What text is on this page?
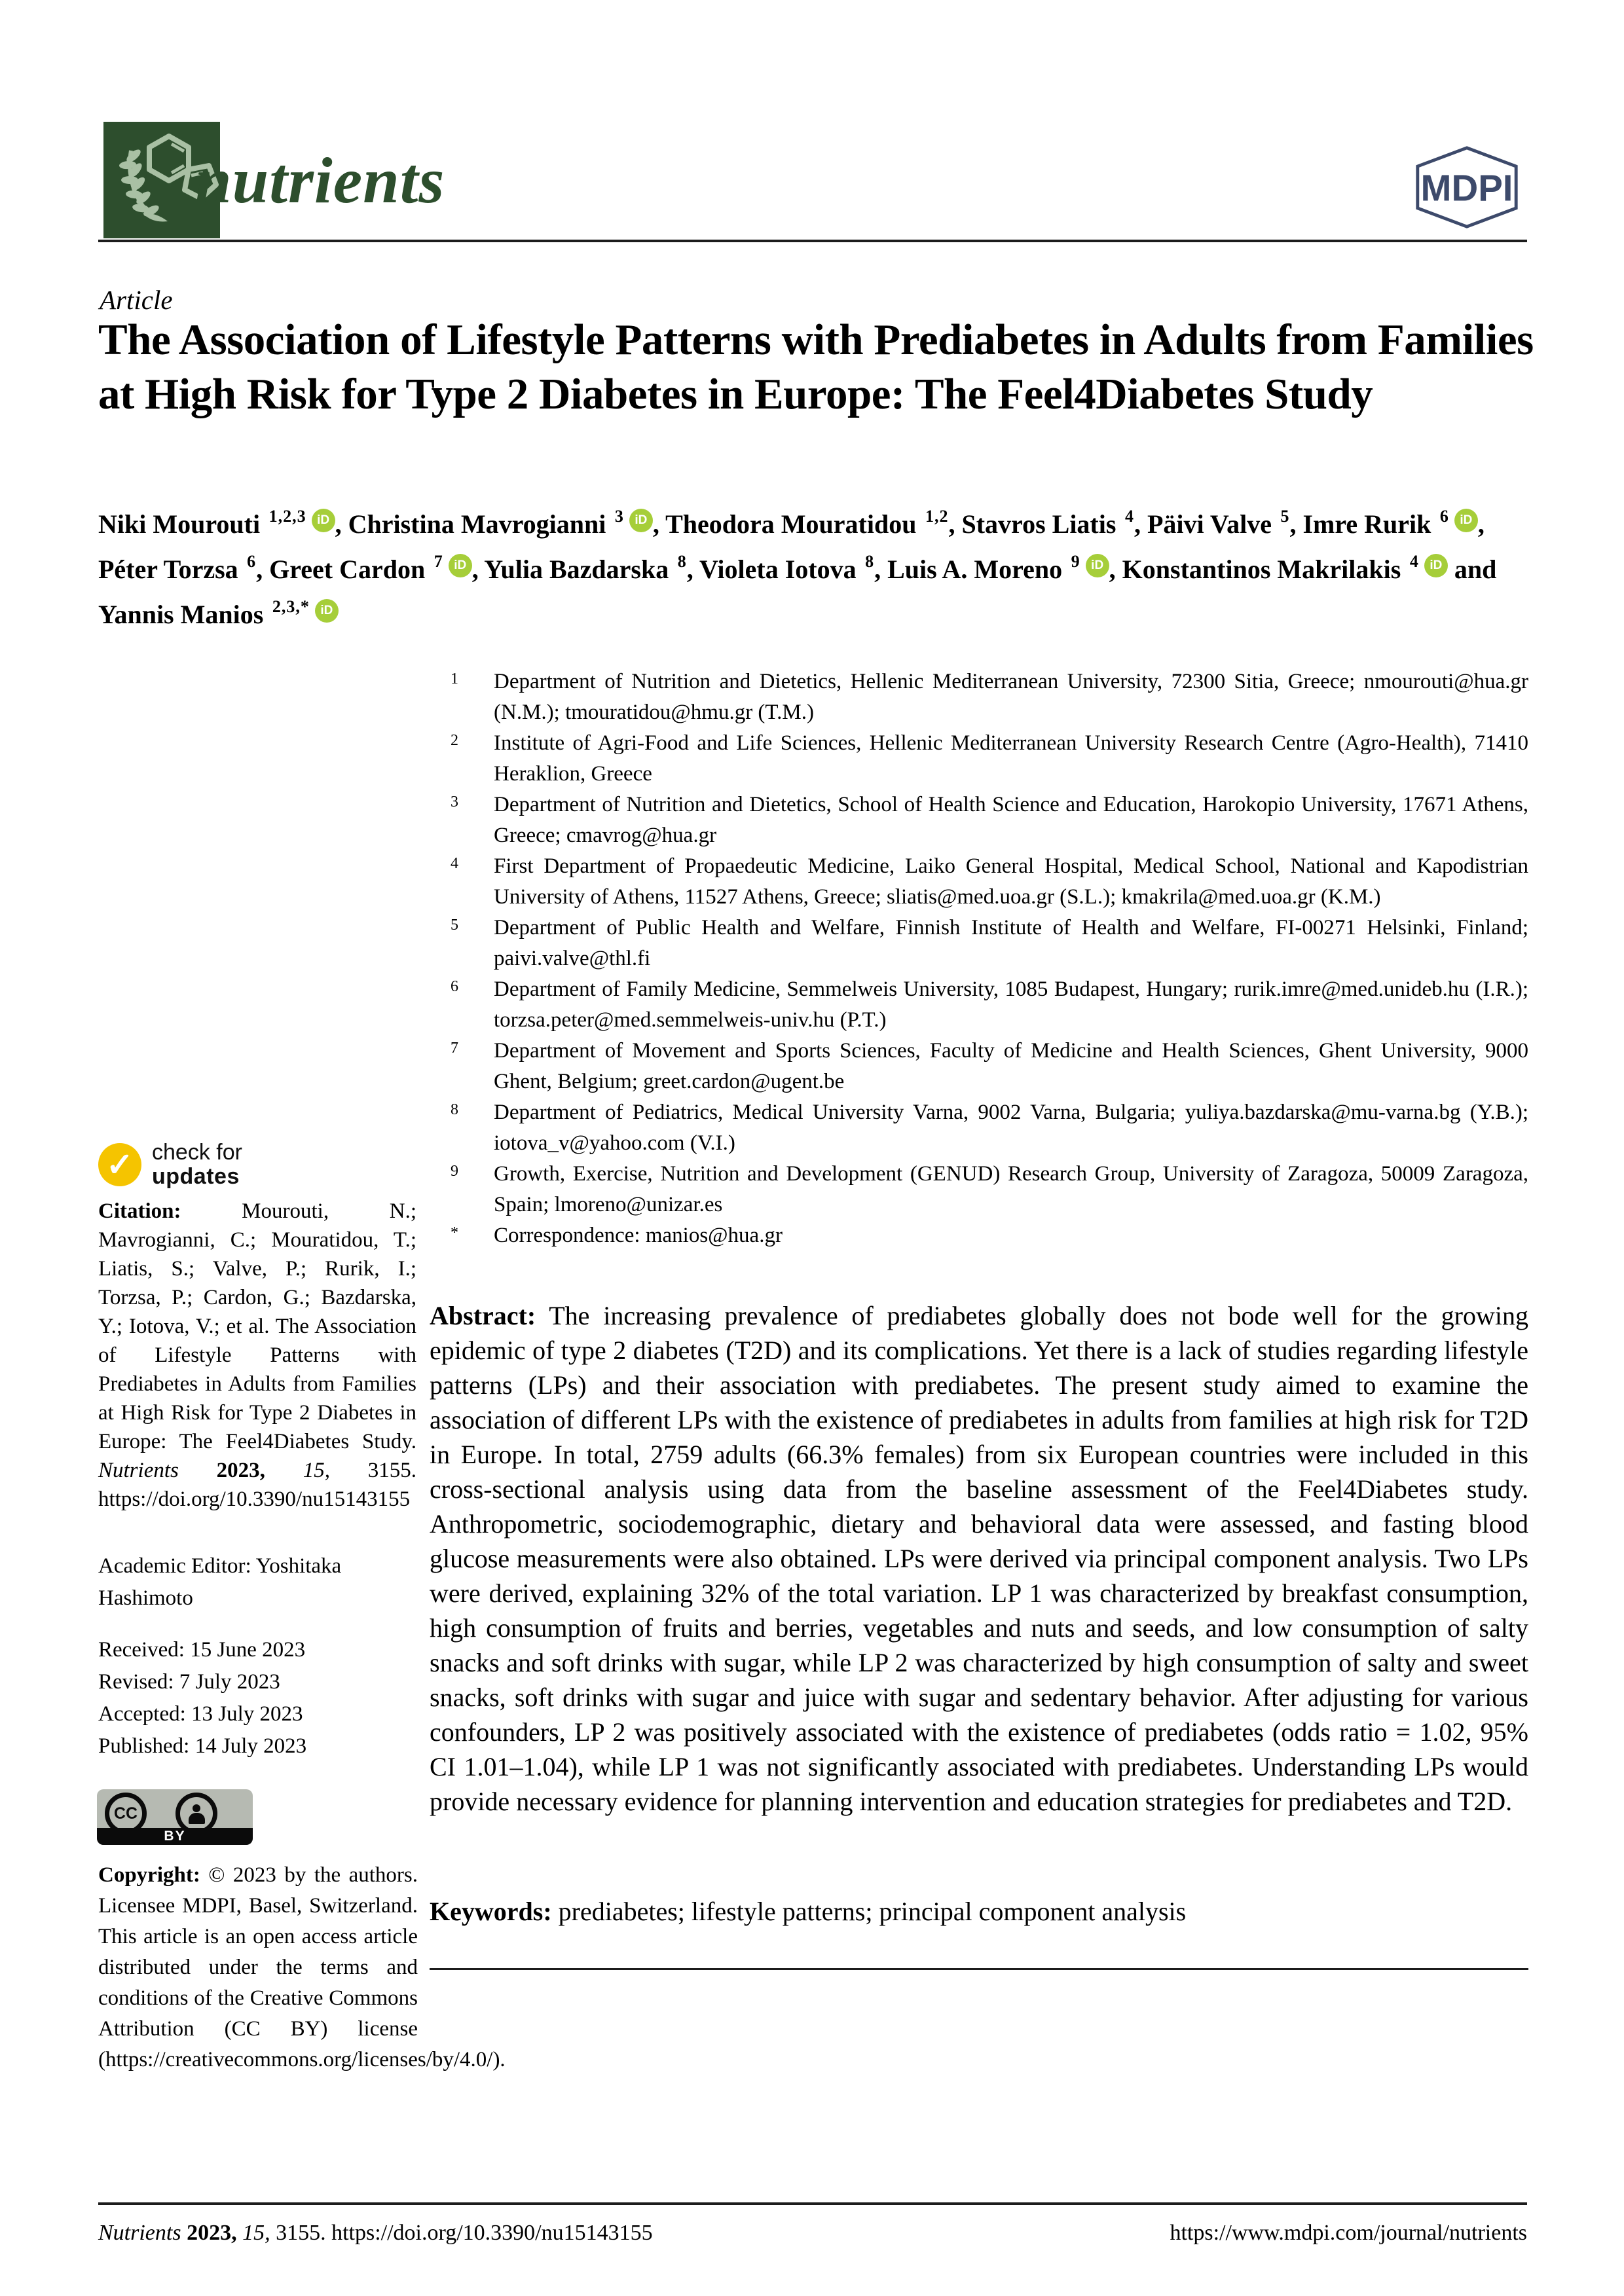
nutrients	MDPI
Article
The Association of Lifestyle Patterns with Prediabetes in Adults from Families at High Risk for Type 2 Diabetes in Europe: The Feel4Diabetes Study
Niki Mourouti $^{1,2,3}$ iD , Christina Mavrogianni $^3$ iD , Theodora Mouratidou $^{1,2}$, Stavros Liatis $^4$, Päivi Valve $^5$, Imre Rurik $^6$ iD , Péter Torzsa $^6$, Greet Cardon $^7$ iD , Yulia Bazdarska $^8$, Violeta Iotova $^8$, Luis A. Moreno $^9$ iD , Konstantinos Makrilakis $^4$ iD and Yannis Manios $^{2,3,*}$ iD
1 Department of Nutrition and Dietetics, Hellenic Mediterranean University, 72300 Sitia, Greece; nmourouti@hua.gr (N.M.); tmouratidou@hmu.gr (T.M.)
2 Institute of Agri-Food and Life Sciences, Hellenic Mediterranean University Research Centre (Agro-Health), 71410 Heraklion, Greece
3 Department of Nutrition and Dietetics, School of Health Science and Education, Harokopio University, 17671 Athens, Greece; cmavrog@hua.gr
4 First Department of Propaedeutic Medicine, Laiko General Hospital, Medical School, National and Kapodistrian University of Athens, 11527 Athens, Greece; sliatis@med.uoa.gr (S.L.); kmakrila@med.uoa.gr (K.M.)
5 Department of Public Health and Welfare, Finnish Institute of Health and Welfare, FI-00271 Helsinki, Finland; paivi.valve@thl.fi
6 Department of Family Medicine, Semmelweis University, 1085 Budapest, Hungary; rurik.imre@med.unideb.hu (I.R.); torzsa.peter@med.semmelweis-univ.hu (P.T.)
7 Department of Movement and Sports Sciences, Faculty of Medicine and Health Sciences, Ghent University, 9000 Ghent, Belgium; greet.cardon@ugent.be
8 Department of Pediatrics, Medical University Varna, 9002 Varna, Bulgaria; yuliya.bazdarska@mu-varna.bg (Y.B.); iotova_v@yahoo.com (V.I.)
9 Growth, Exercise, Nutrition and Development (GENUD) Research Group, University of Zaragoza, 50009 Zaragoza, Spain; lmoreno@unizar.es
* Correspondence: manios@hua.gr
✓ check for
updates

Citation:	Mourouti, N.; Mavrogianni, C.; Mouratidou, T.; Liatis, S.; Valve, P.; Rurik, I.; Torzsa, P.; Cardon, G.; Bazdarska, Y.; Iotova, V.; et al. The Association of Lifestyle Patterns with Prediabetes in Adults from Families at High Risk for Type 2 Diabetes in Europe: The Feel4Diabetes Study. Nutrients 2023, 15, 3155. https://doi.org/10.3390/nu15143155

Academic Editor: Yoshitaka Hashimoto

Received: 15 June 2023
Revised: 7 July 2023
Accepted: 13 July 2023
Published: 14 July 2023
CC
BY

Copyright: © 2023 by the authors. Licensee MDPI, Basel, Switzerland. This article is an open access article distributed under the terms and conditions of the Creative Commons Attribution (CC BY) license (https://creativecommons.org/licenses/by/4.0/).

Abstract: The increasing prevalence of prediabetes globally does not bode well for the growing epidemic of type 2 diabetes (T2D) and its complications. Yet there is a lack of studies regarding lifestyle patterns (LPs) and their association with prediabetes. The present study aimed to examine the association of different LPs with the existence of prediabetes in adults from families at high risk for T2D in Europe. In total, 2759 adults (66.3% females) from six European countries were included in this cross-sectional analysis using data from the baseline assessment of the Feel4Diabetes study. Anthropometric, sociodemographic, dietary and behavioral data were assessed, and fasting blood glucose measurements were also obtained. LPs were derived via principal component analysis. Two LPs were derived, explaining 32% of the total variation. LP 1 was characterized by breakfast consumption, high consumption of fruits and berries, vegetables and nuts and seeds, and low consumption of salty snacks and soft drinks with sugar, while LP 2 was characterized by high consumption of salty and sweet snacks, soft drinks with sugar and juice with sugar and sedentary behavior. After adjusting for various confounders, LP 2 was positively associated with the existence of prediabetes (odds ratio = 1.02, 95% CI 1.01–1.04), while LP 1 was not significantly associated with prediabetes. Understanding LPs would provide necessary evidence for planning intervention and education strategies for prediabetes and T2D.

Keywords: prediabetes; lifestyle patterns; principal component analysis

Nutrients 2023, 15, 3155. https://doi.org/10.3390/nu15143155	https://www.mdpi.com/journal/nutrients
